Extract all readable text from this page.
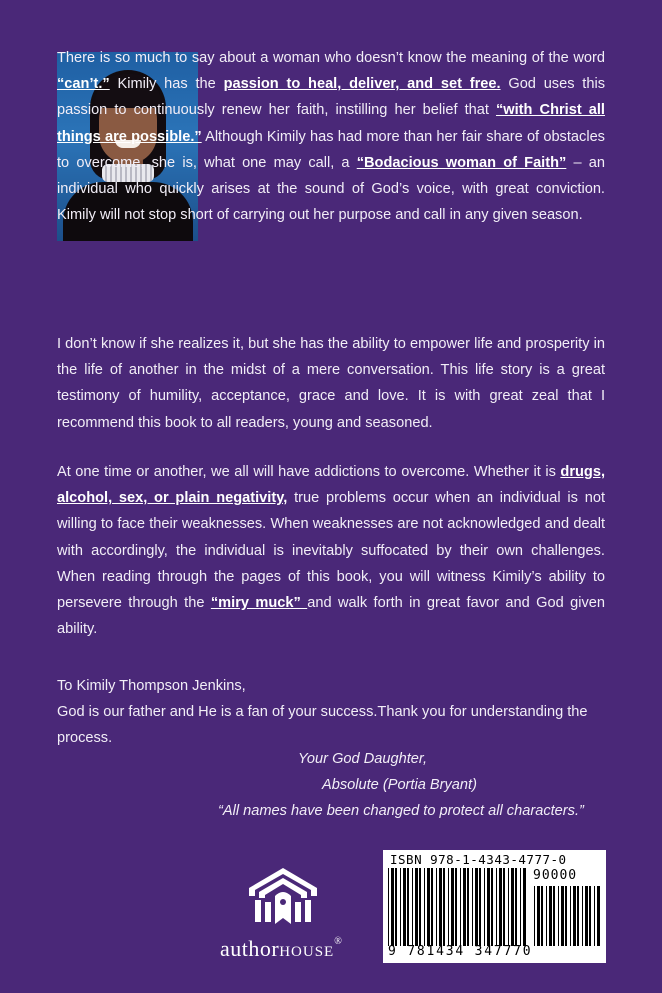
There is so much to say about a woman who doesn’t know the meaning of the word “can’t.” Kimily has the passion to heal, deliver, and set free. God uses this passion to continuously renew her faith, instilling her belief that “with Christ all things are possible.” Although Kimily has had more than her fair share of obstacles to overcome, she is, what one may call, a “Bodacious woman of Faith” – an individual who quickly arises at the sound of God’s voice, with great conviction. Kimily will not stop short of carrying out her purpose and call in any given season.
I don’t know if she realizes it, but she has the ability to empower life and prosperity in the life of another in the midst of a mere conversation. This life story is a great testimony of humility, acceptance, grace and love. It is with great zeal that I recommend this book to all readers, young and seasoned.
At one time or another, we all will have addictions to overcome. Whether it is drugs, alcohol, sex, or plain negativity, true problems occur when an individual is not willing to face their weaknesses. When weaknesses are not acknowledged and dealt with accordingly, the individual is inevitably suffocated by their own challenges. When reading through the pages of this book, you will witness Kimily’s ability to persevere through the “miry muck” and walk forth in great favor and God given ability.
To Kimily Thompson Jenkins,
God is our father and He is a fan of your success.Thank you for understanding the process.
Your God Daughter,
Absolute (Portia Bryant)
“All names have been changed to protect all characters.”
authorHOUSE®
ISBN 978-1-4343-4777-0
90000
9 781434 347770
